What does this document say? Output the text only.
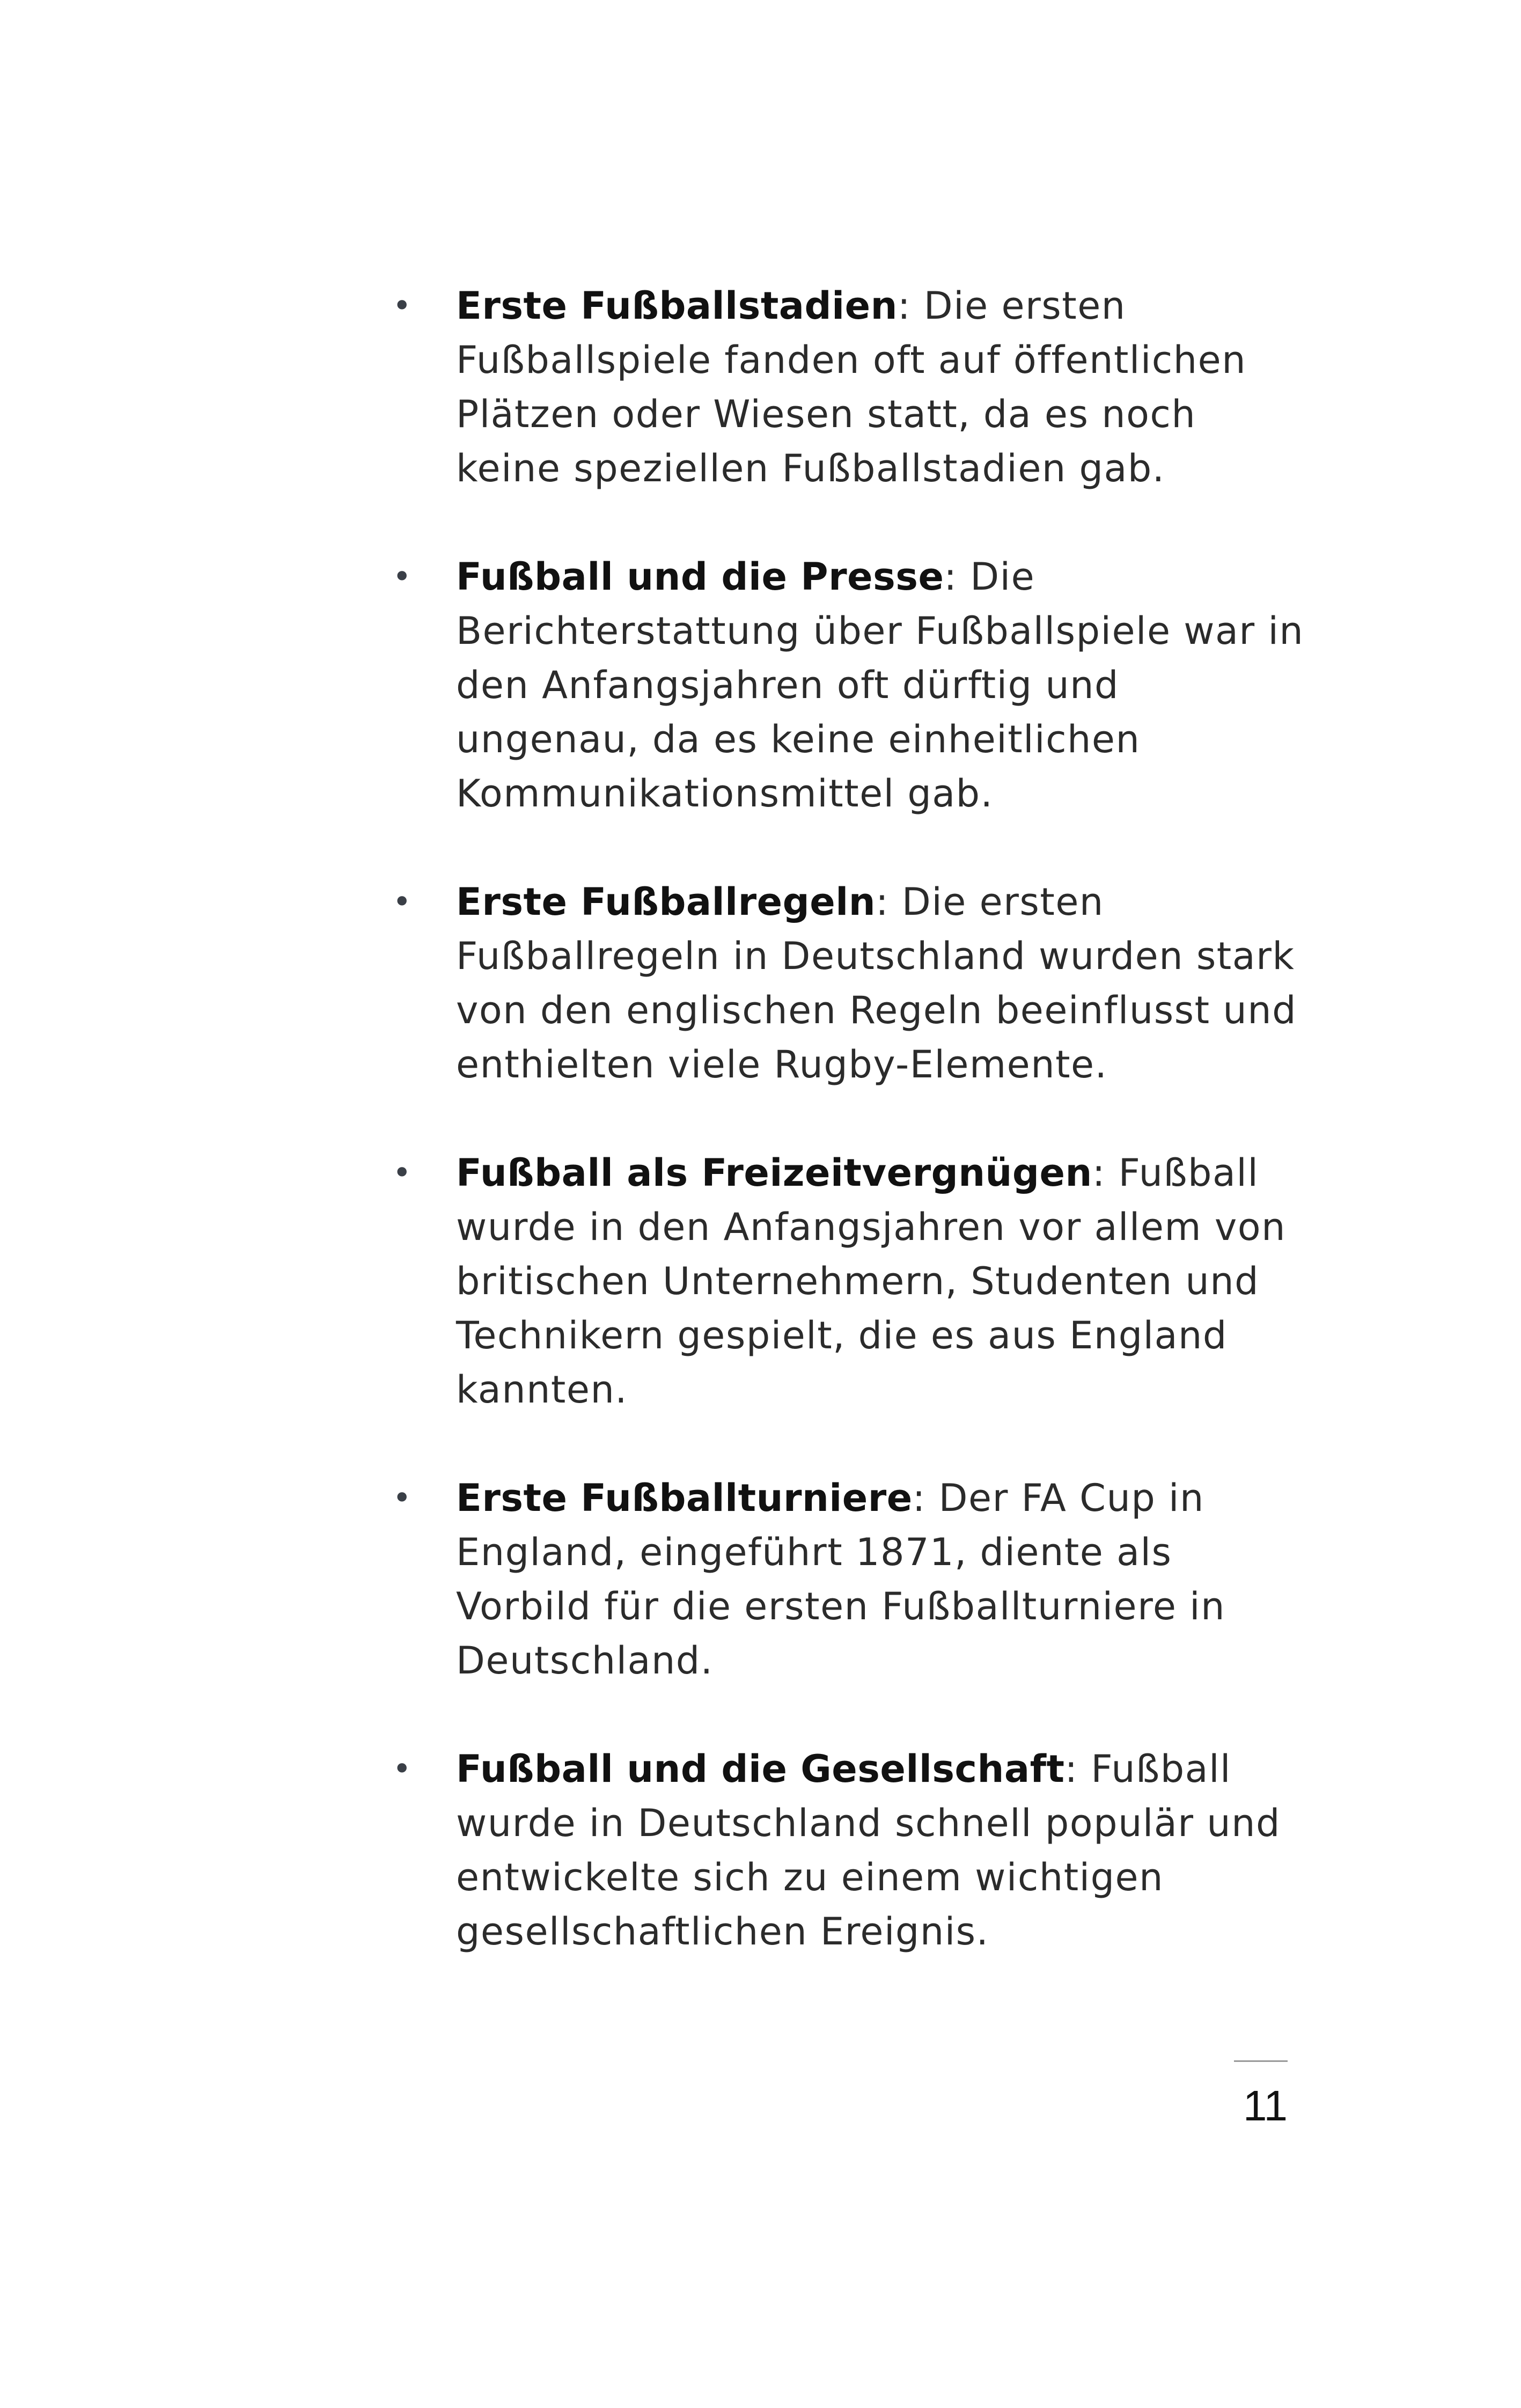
• Erste Fußballstadien: Die ersten Fußballspiele fanden oft auf öffentlichen Plätzen oder Wiesen statt, da es noch keine speziellen Fußballstadien gab.
• Fußball und die Presse: Die Berichterstattung über Fußballspiele war in den Anfangsjahren oft dürftig und ungenau, da es keine einheitlichen Kommunikationsmittel gab.
• Erste Fußballregeln: Die ersten Fußballregeln in Deutschland wurden stark von den englischen Regeln beeinflusst und enthielten viele Rugby-Elemente.
• Fußball als Freizeitvergnügen: Fußball wurde in den Anfangsjahren vor allem von britischen Unternehmern, Studenten und Technikern gespielt, die es aus England kannten.
• Erste Fußballturniere: Der FA Cup in England, eingeführt 1871, diente als Vorbild für die ersten Fußballturniere in Deutschland.
• Fußball und die Gesellschaft: Fußball wurde in Deutschland schnell populär und entwickelte sich zu einem wichtigen gesellschaftlichen Ereignis.
11
